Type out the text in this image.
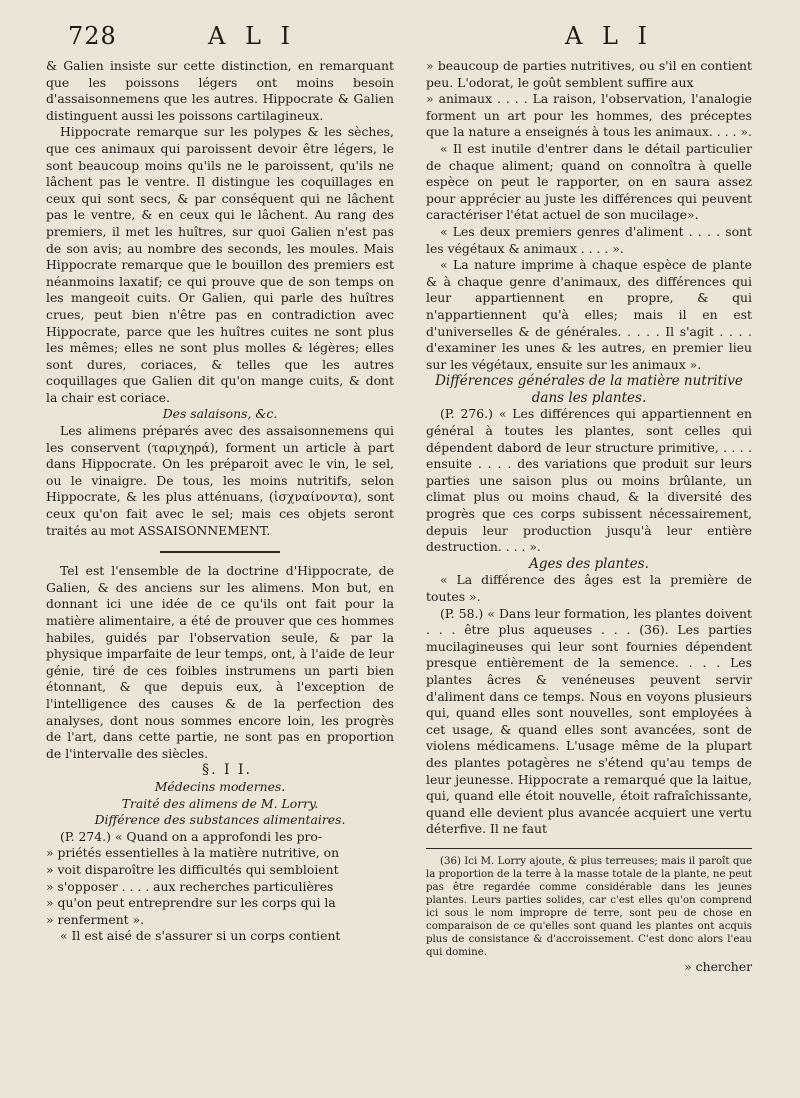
728	A L I	A L I

& Galien insiste sur cette distinction, en remarquant que les poissons légers ont moins besoin d'assaisonnemens que les autres. Hippocrate & Galien distinguent aussi les poissons cartilagineux.

Hippocrate remarque sur les polypes & les sèches, que ces animaux qui paroissent devoir être légers, le sont beaucoup moins qu'ils ne le paroissent, qu'ils ne lâchent pas le ventre. Il distingue les coquillages en ceux qui sont secs, & par conséquent qui ne lâchent pas le ventre, & en ceux qui le lâchent. Au rang des premiers, il met les huîtres, sur quoi Galien n'est pas de son avis; au nombre des seconds, les moules. Mais Hippocrate remarque que le bouillon des premiers est néanmoins laxatif; ce qui prouve que de son temps on les mangeoit cuits. Or Galien, qui parle des huîtres crues, peut bien n'être pas en contradiction avec Hippocrate, parce que les huîtres cuites ne sont plus les mêmes; elles ne sont plus molles & légères; elles sont dures, coriaces, & telles que les autres coquillages que Galien dit qu'on mange cuits, & dont la chair est coriace.

Des salaisons, &c.

Les alimens préparés avec des assaisonnemens qui les conservent (ταριχηρά), forment un article à part dans Hippocrate. On les préparoit avec le vin, le sel, ou le vinaigre. De tous, les moins nutritifs, selon Hippocrate, & les plus atténuans, (ἰσχναίνοντα), sont ceux qu'on fait avec le sel; mais ces objets seront traités au mot ASSAISONNEMENT.

Tel est l'ensemble de la doctrine d'Hippocrate, de Galien, & des anciens sur les alimens. Mon but, en donnant ici une idée de ce qu'ils ont fait pour la matière alimentaire, a été de prouver que ces hommes habiles, guidés par l'observation seule, & par la physique imparfaite de leur temps, ont, à l'aide de leur génie, tiré de ces foibles instrumens un parti bien étonnant, & que depuis eux, à l'exception de l'intelligence des causes & de la perfection des analyses, dont nous sommes encore loin, les progrès de l'art, dans cette partie, ne sont pas en proportion de l'intervalle des siècles.

§. I I.

Médecins modernes.

Traité des alimens de M. Lorry.

Différence des substances alimentaires.

(P. 274.) « Quand on a approfondi les pro-

» priétés essentielles à la matière nutritive, on

» voit disparoître les difficultés qui sembloient

» s'opposer . . . . aux recherches particulières

» qu'on peut entreprendre sur les corps qui la

» renferment ».

« Il est aisé de s'assurer si un corps contient

» beaucoup de parties nutritives, ou s'il en contient peu. L'odorat, le goût semblent suffire aux

» animaux . . . . La raison, l'observation, l'analogie forment un art pour les hommes, des préceptes que la nature a enseignés à tous les animaux. . . . ».

« Il est inutile d'entrer dans le détail particulier de chaque aliment; quand on connoîtra à quelle espèce on peut le rapporter, on en saura assez pour apprécier au juste les différences qui peuvent caractériser l'état actuel de son mucilage».

« Les deux premiers genres d'aliment . . . . sont les végétaux & animaux . . . . ».

« La nature imprime à chaque espèce de plante & à chaque genre d'animaux, des différences qui leur appartiennent en propre, & qui n'appartiennent qu'à elles; mais il en est d'universelles & de générales. . . . . Il s'agit . . . . d'examiner les unes & les autres, en premier lieu sur les végétaux, ensuite sur les animaux ».

Différences générales de la matière nutritive dans les plantes.

(P. 276.) « Les différences qui appartiennent en général à toutes les plantes, sont celles qui dépendent dabord de leur structure primitive, . . . . ensuite . . . . des variations que produit sur leurs parties une saison plus ou moins brûlante, un climat plus ou moins chaud, & la diversité des progrès que ces corps subissent nécessairement, depuis leur production jusqu'à leur entière destruction. . . . ».

Ages des plantes.

« La différence des âges est la première de toutes ».

(P. 58.) « Dans leur formation, les plantes doivent . . . être plus aqueuses . . . (36). Les parties mucilagineuses qui leur sont fournies dépendent presque entièrement de la semence. . . . Les plantes âcres & venéneuses peuvent servir d'aliment dans ce temps. Nous en voyons plusieurs qui, quand elles sont nouvelles, sont employées à cet usage, & quand elles sont avancées, sont de violens médicamens. L'usage même de la plupart des plantes potagères ne s'étend qu'au temps de leur jeunesse. Hippocrate a remarqué que la laitue, qui, quand elle étoit nouvelle, étoit rafraîchissante, quand elle devient plus avancée acquiert une vertu déterfive. Il ne faut

(36) Ici M. Lorry ajoute, & plus terreuses; mais il paroît que la proportion de la terre à la masse totale de la plante, ne peut pas être regardée comme considérable dans les jeunes plantes. Leurs parties solides, car c'est elles qu'on comprend ici sous le nom impropre de terre, sont peu de chose en comparaison de ce qu'elles sont quand les plantes ont acquis plus de consistance & d'accroissement. C'est donc alors l'eau qui domine.

» chercher
